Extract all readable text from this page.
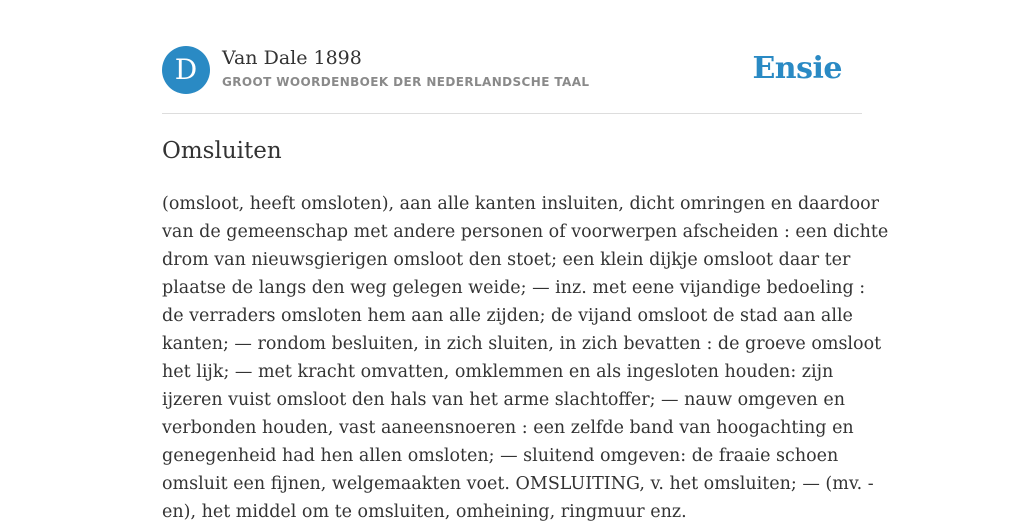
D	Van Dale 1898
GROOT WOORDENBOEK DER NEDERLANDSCHE TAAL	Ensie
Omsluiten
(omsloot, heeft omsloten), aan alle kanten insluiten, dicht omringen en daardoor
van de gemeenschap met andere personen of voorwerpen afscheiden : een dichte
drom van nieuwsgierigen omsloot den stoet; een klein dijkje omsloot daar ter
plaatse de langs den weg gelegen weide; — inz. met eene vijandige bedoeling :
de verraders omsloten hem aan alle zijden; de vijand omsloot de stad aan alle
kanten; — rondom besluiten, in zich sluiten, in zich bevatten : de groeve omsloot
het lijk; — met kracht omvatten, omklemmen en als ingesloten houden: zijn
ijzeren vuist omsloot den hals van het arme slachtoffer; — nauw omgeven en
verbonden houden, vast aaneensnoeren : een zelfde band van hoogachting en
genegenheid had hen allen omsloten; — sluitend omgeven: de fraaie schoen
omsluit een fijnen, welgemaakten voet. OMSLUITING, v. het omsluiten; — (mv. -
en), het middel om te omsluiten, omheining, ringmuur enz.
